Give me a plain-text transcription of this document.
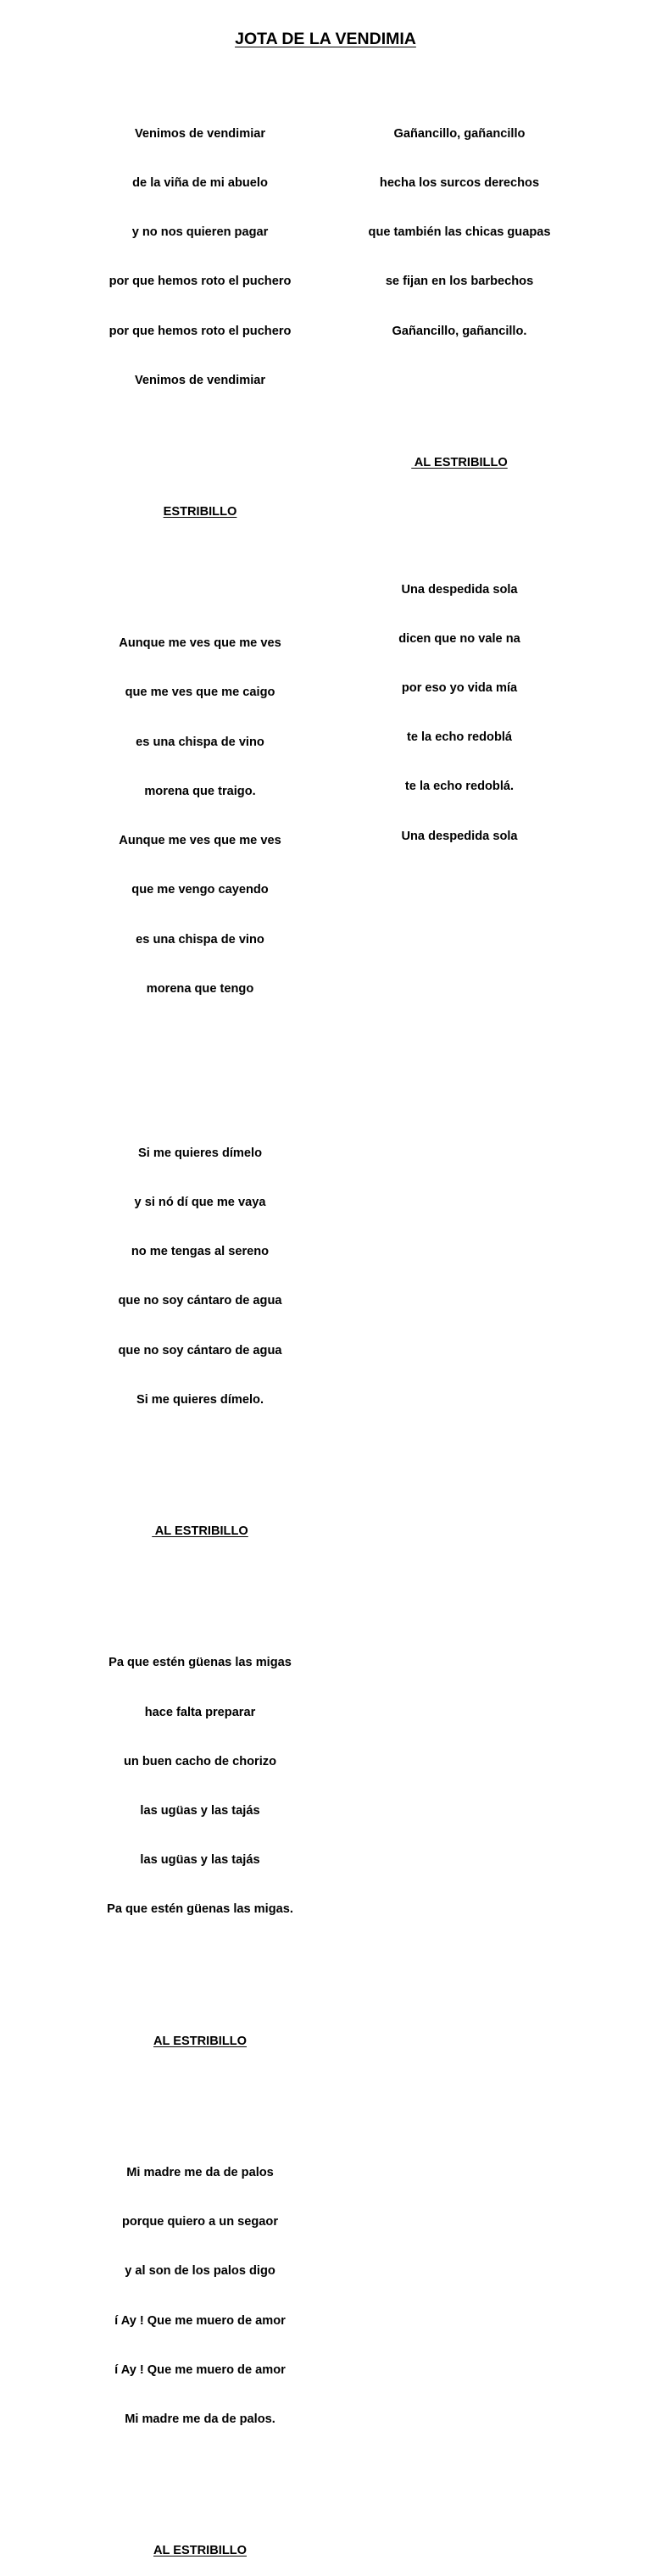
JOTA DE LA VENDIMIA

Venimos de vendimiar

de la viña de mi abuelo

y no nos quieren pagar

por que hemos roto el puchero

por que hemos roto el puchero

Venimos de vendimiar

ESTRIBILLO

Aunque me ves que me ves

que me ves que me caigo

es una chispa de vino

morena que traigo.

Aunque me ves que me ves

que me vengo cayendo

es una chispa de vino

morena que tengo

Si me quieres dímelo

y si nó dí que me vaya

no me tengas al sereno

que no soy cántaro de agua

que no soy cántaro de agua

Si me quieres dímelo.

AL ESTRIBILLO

Pa que estén güenas las migas

hace falta preparar

un buen cacho de chorizo

las ugüas y las tajás

las ugüas y las tajás

Pa que estén güenas las migas.

AL ESTRIBILLO

Mi madre me da de palos

porque quiero a un segaor

y al son de los palos digo

í Ay ! Que me muero de amor

í Ay ! Que me muero de amor

Mi madre me da de palos.

AL ESTRIBILLO

Gañancillo, gañancillo

hecha los surcos derechos

que también las chicas guapas

se fijan en los barbechos

Gañancillo, gañancillo.

AL ESTRIBILLO

Una despedida sola

dicen que no vale na

por eso yo vida mía

te la echo redoblá

te la echo redoblá.

Una despedida sola
